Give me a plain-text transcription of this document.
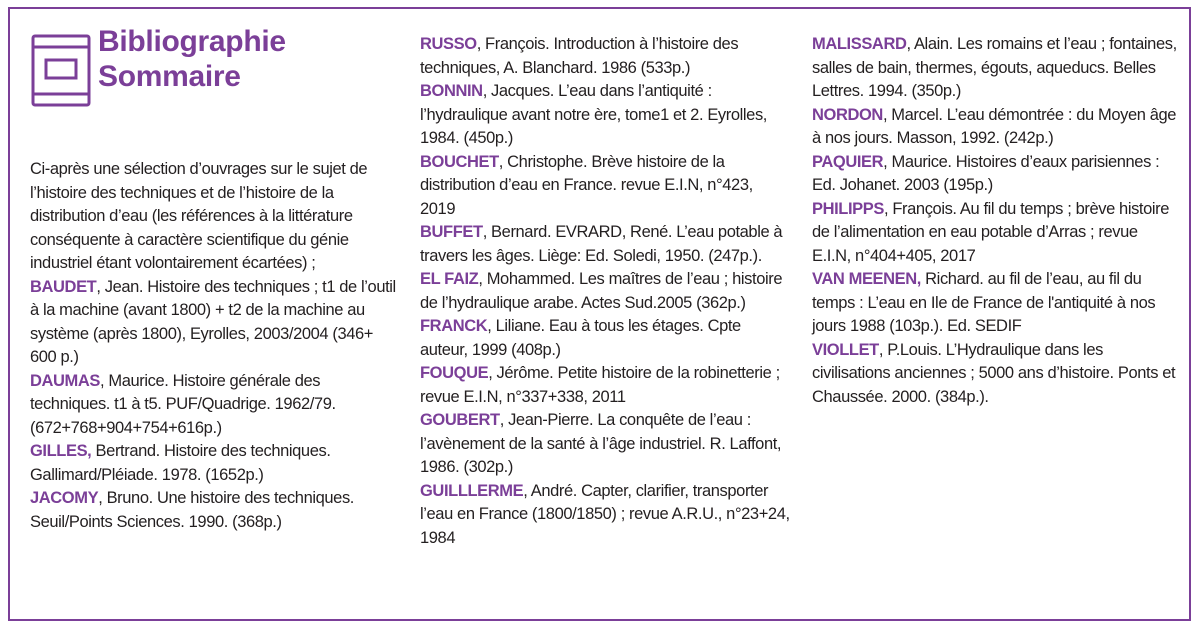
Bibliographie
Sommaire

Ci-après une sélection d’ouvrages sur le sujet de l’histoire des techniques et de l’histoire de la distribution d’eau (les références à la littérature conséquente à caractère scientifique du génie industriel étant volontairement écartées) ;

BAUDET, Jean. Histoire des techniques ; t1 de l’outil à la machine (avant 1800) + t2 de la machine au système (après 1800), Eyrolles, 2003/2004 (346+ 600 p.)

DAUMAS, Maurice. Histoire générale des techniques. t1 à t5. PUF/Quadrige. 1962/79. (672+768+904+754+616p.)

GILLES, Bertrand. Histoire des techniques. Gallimard/Pléiade. 1978. (1652p.)

JACOMY, Bruno. Une histoire des techniques. Seuil/Points Sciences. 1990. (368p.)

RUSSO, François. Introduction à l’histoire des techniques, A. Blanchard. 1986 (533p.)

BONNIN, Jacques. L’eau dans l’antiquité : l’hydraulique avant notre ère, tome1 et 2. Eyrolles, 1984. (450p.)

BOUCHET, Christophe. Brève histoire de la distribution d’eau en France. revue E.I.N, n°423, 2019

BUFFET, Bernard. EVRARD, René. L’eau potable à travers les âges. Liège: Ed. Soledi, 1950. (247p.).

EL FAIZ, Mohammed. Les maîtres de l’eau ; histoire de l’hydraulique arabe. Actes Sud.2005 (362p.)

FRANCK, Liliane. Eau à tous les étages. Cpte auteur, 1999 (408p.)

FOUQUE, Jérôme. Petite histoire de la robinetterie ; revue E.I.N, n°337+338, 2011

GOUBERT, Jean-Pierre. La conquête de l’eau : l’avènement de la santé à l’âge industriel. R. Laffont, 1986. (302p.)

GUILLLERME, André. Capter, clarifier, transporter l’eau en France (1800/1850) ; revue A.R.U., n°23+24, 1984

MALISSARD, Alain. Les romains et l’eau ; fontaines, salles de bain, thermes, égouts, aqueducs. Belles Lettres. 1994. (350p.)

NORDON, Marcel. L’eau démontrée : du Moyen âge à nos jours. Masson, 1992. (242p.)

PAQUIER, Maurice. Histoires d’eaux parisiennes : Ed. Johanet. 2003 (195p.)

PHILIPPS, François. Au fil du temps ; brève histoire de l’alimentation en eau potable d’Arras ; revue E.I.N, n°404+405, 2017

VAN MEENEN, Richard. au fil de l’eau, au fil du temps : L’eau en Ile de France de l'antiquité à nos jours 1988 (103p.). Ed. SEDIF

VIOLLET, P.Louis. L’Hydraulique dans les civilisations anciennes ; 5000 ans d’histoire. Ponts et Chaussée. 2000. (384p.).
